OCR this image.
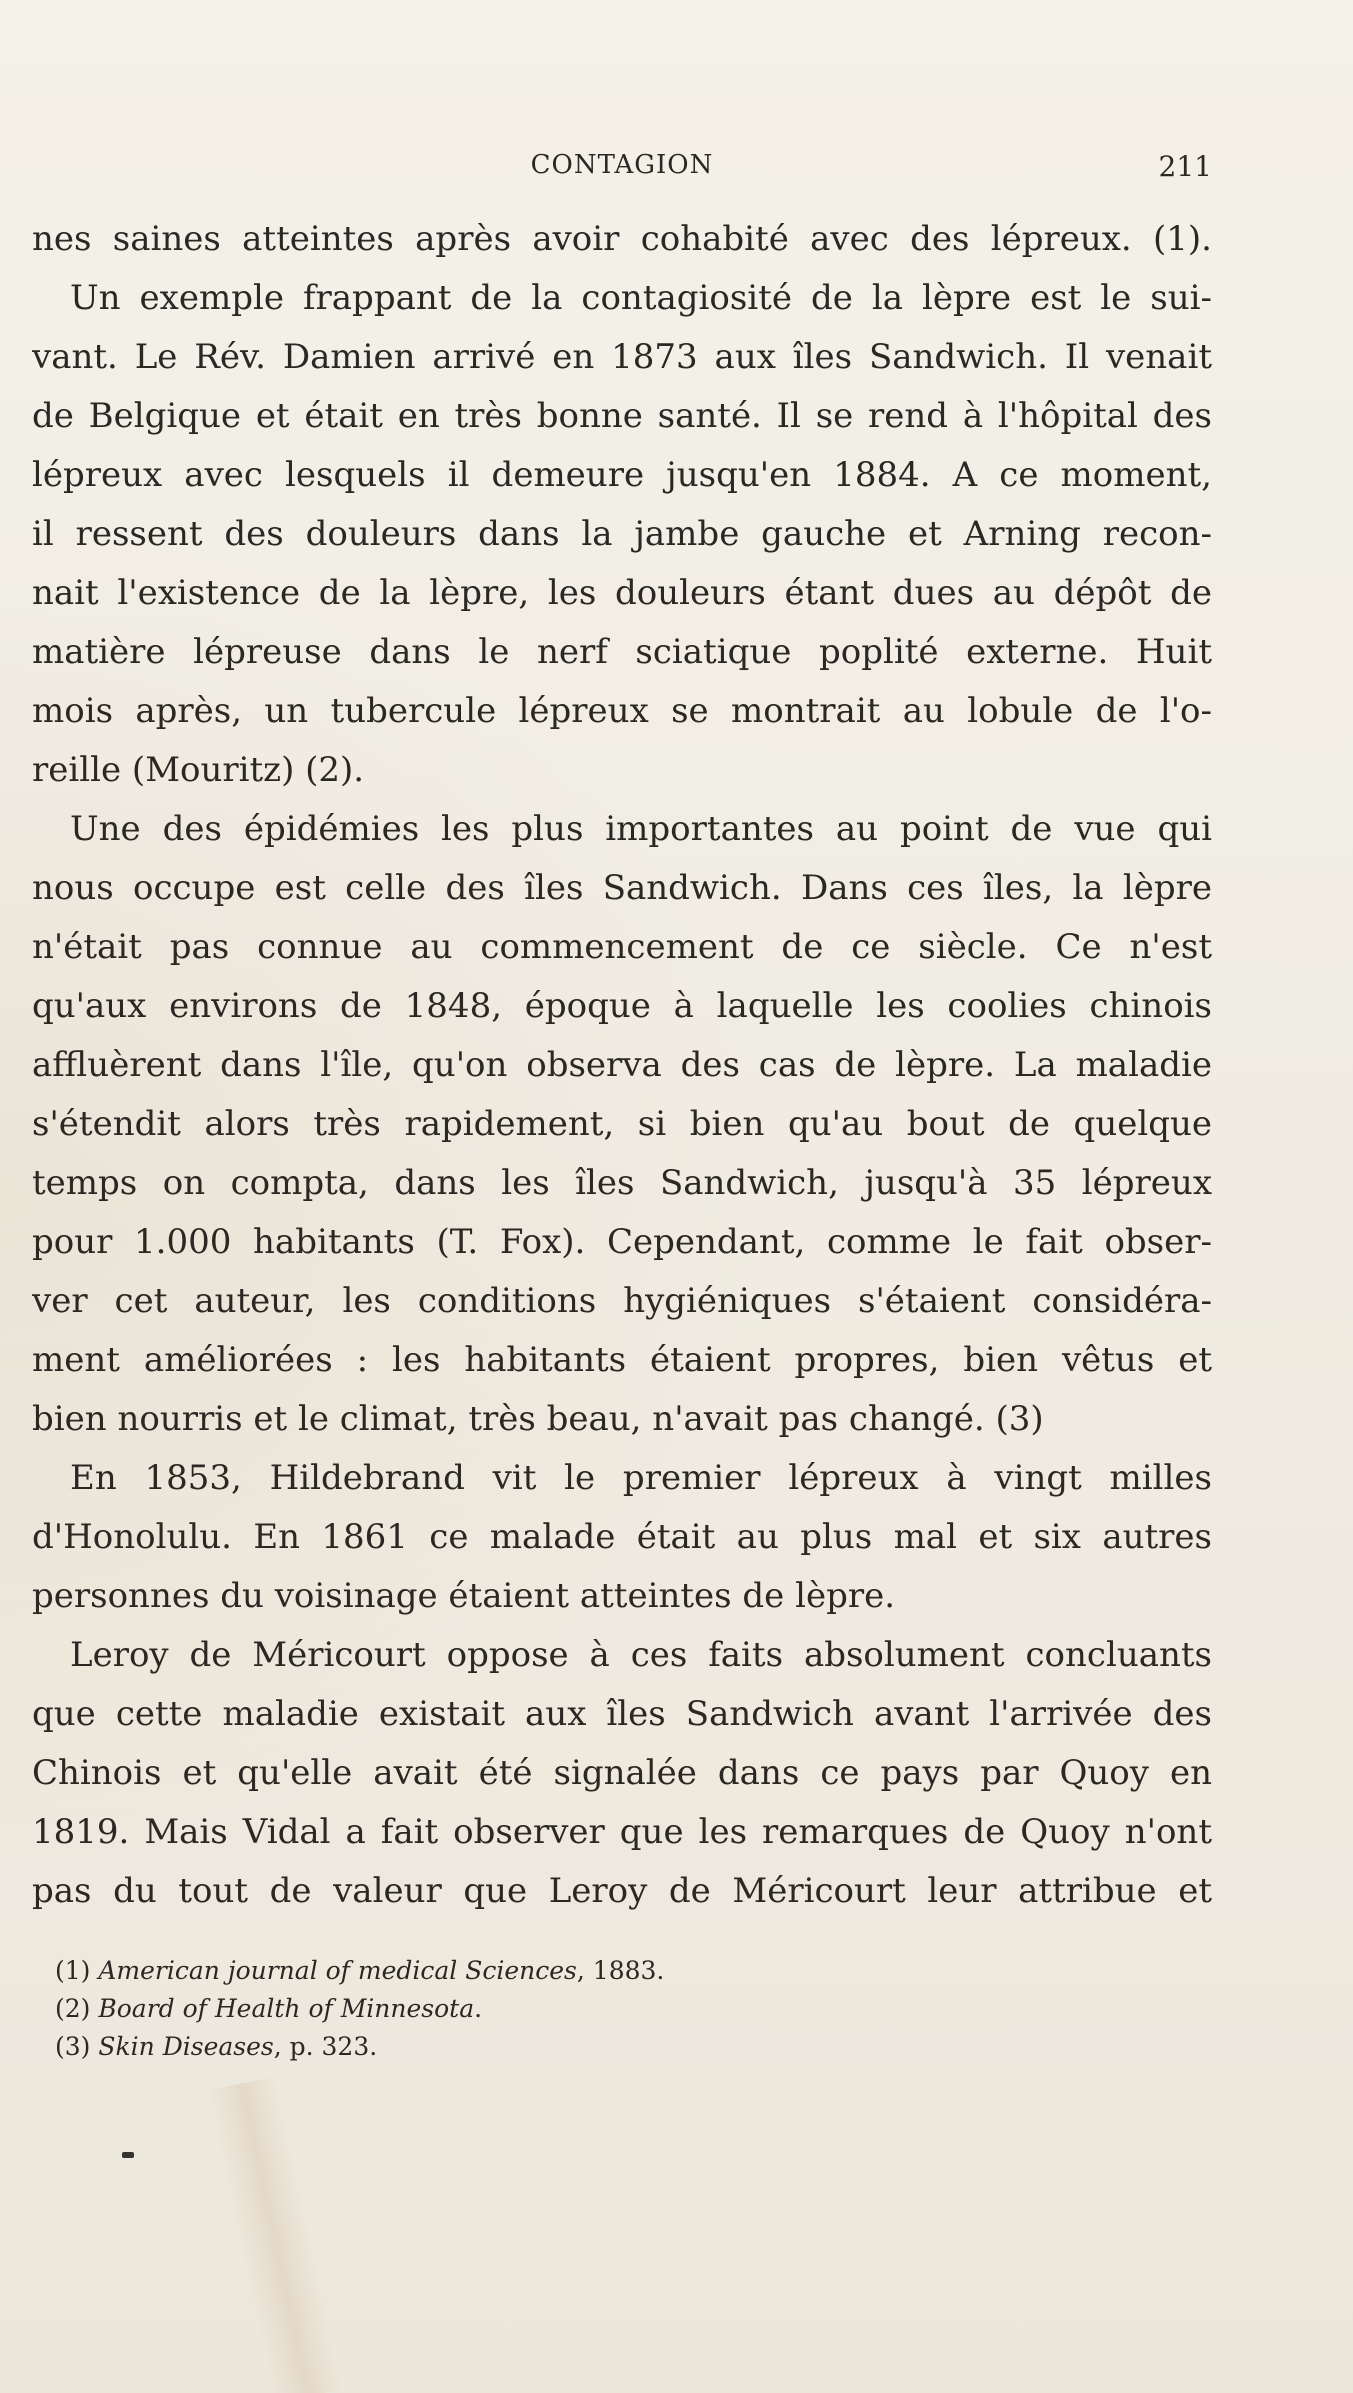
CONTAGION	211
nes saines atteintes après avoir cohabité avec des lépreux. (1).
Un exemple frappant de la contagiosité de la lèpre est le sui-
vant. Le Rév. Damien arrivé en 1873 aux îles Sandwich. Il venait
de Belgique et était en très bonne santé. Il se rend à l'hôpital des
lépreux avec lesquels il demeure jusqu'en 1884. A ce moment,
il ressent des douleurs dans la jambe gauche et Arning recon-
nait l'existence de la lèpre, les douleurs étant dues au dépôt de
matière lépreuse dans le nerf sciatique poplité externe. Huit
mois après, un tubercule lépreux se montrait au lobule de l'o-
reille (Mouritz) (2).
Une des épidémies les plus importantes au point de vue qui
nous occupe est celle des îles Sandwich. Dans ces îles, la lèpre
n'était pas connue au commencement de ce siècle. Ce n'est
qu'aux environs de 1848, époque à laquelle les coolies chinois
affluèrent dans l'île, qu'on observa des cas de lèpre. La maladie
s'étendit alors très rapidement, si bien qu'au bout de quelque
temps on compta, dans les îles Sandwich, jusqu'à 35 lépreux
pour 1.000 habitants (T. Fox). Cependant, comme le fait obser-
ver cet auteur, les conditions hygiéniques s'étaient considéra-
ment améliorées : les habitants étaient propres, bien vêtus et
bien nourris et le climat, très beau, n'avait pas changé. (3)
En 1853, Hildebrand vit le premier lépreux à vingt milles
d'Honolulu. En 1861 ce malade était au plus mal et six autres
personnes du voisinage étaient atteintes de lèpre.
Leroy de Méricourt oppose à ces faits absolument concluants
que cette maladie existait aux îles Sandwich avant l'arrivée des
Chinois et qu'elle avait été signalée dans ce pays par Quoy en
1819. Mais Vidal a fait observer que les remarques de Quoy n'ont
pas du tout de valeur que Leroy de Méricourt leur attribue et
(1) American journal of medical Sciences, 1883.
(2) Board of Health of Minnesota.
(3) Skin Diseases, p. 323.
